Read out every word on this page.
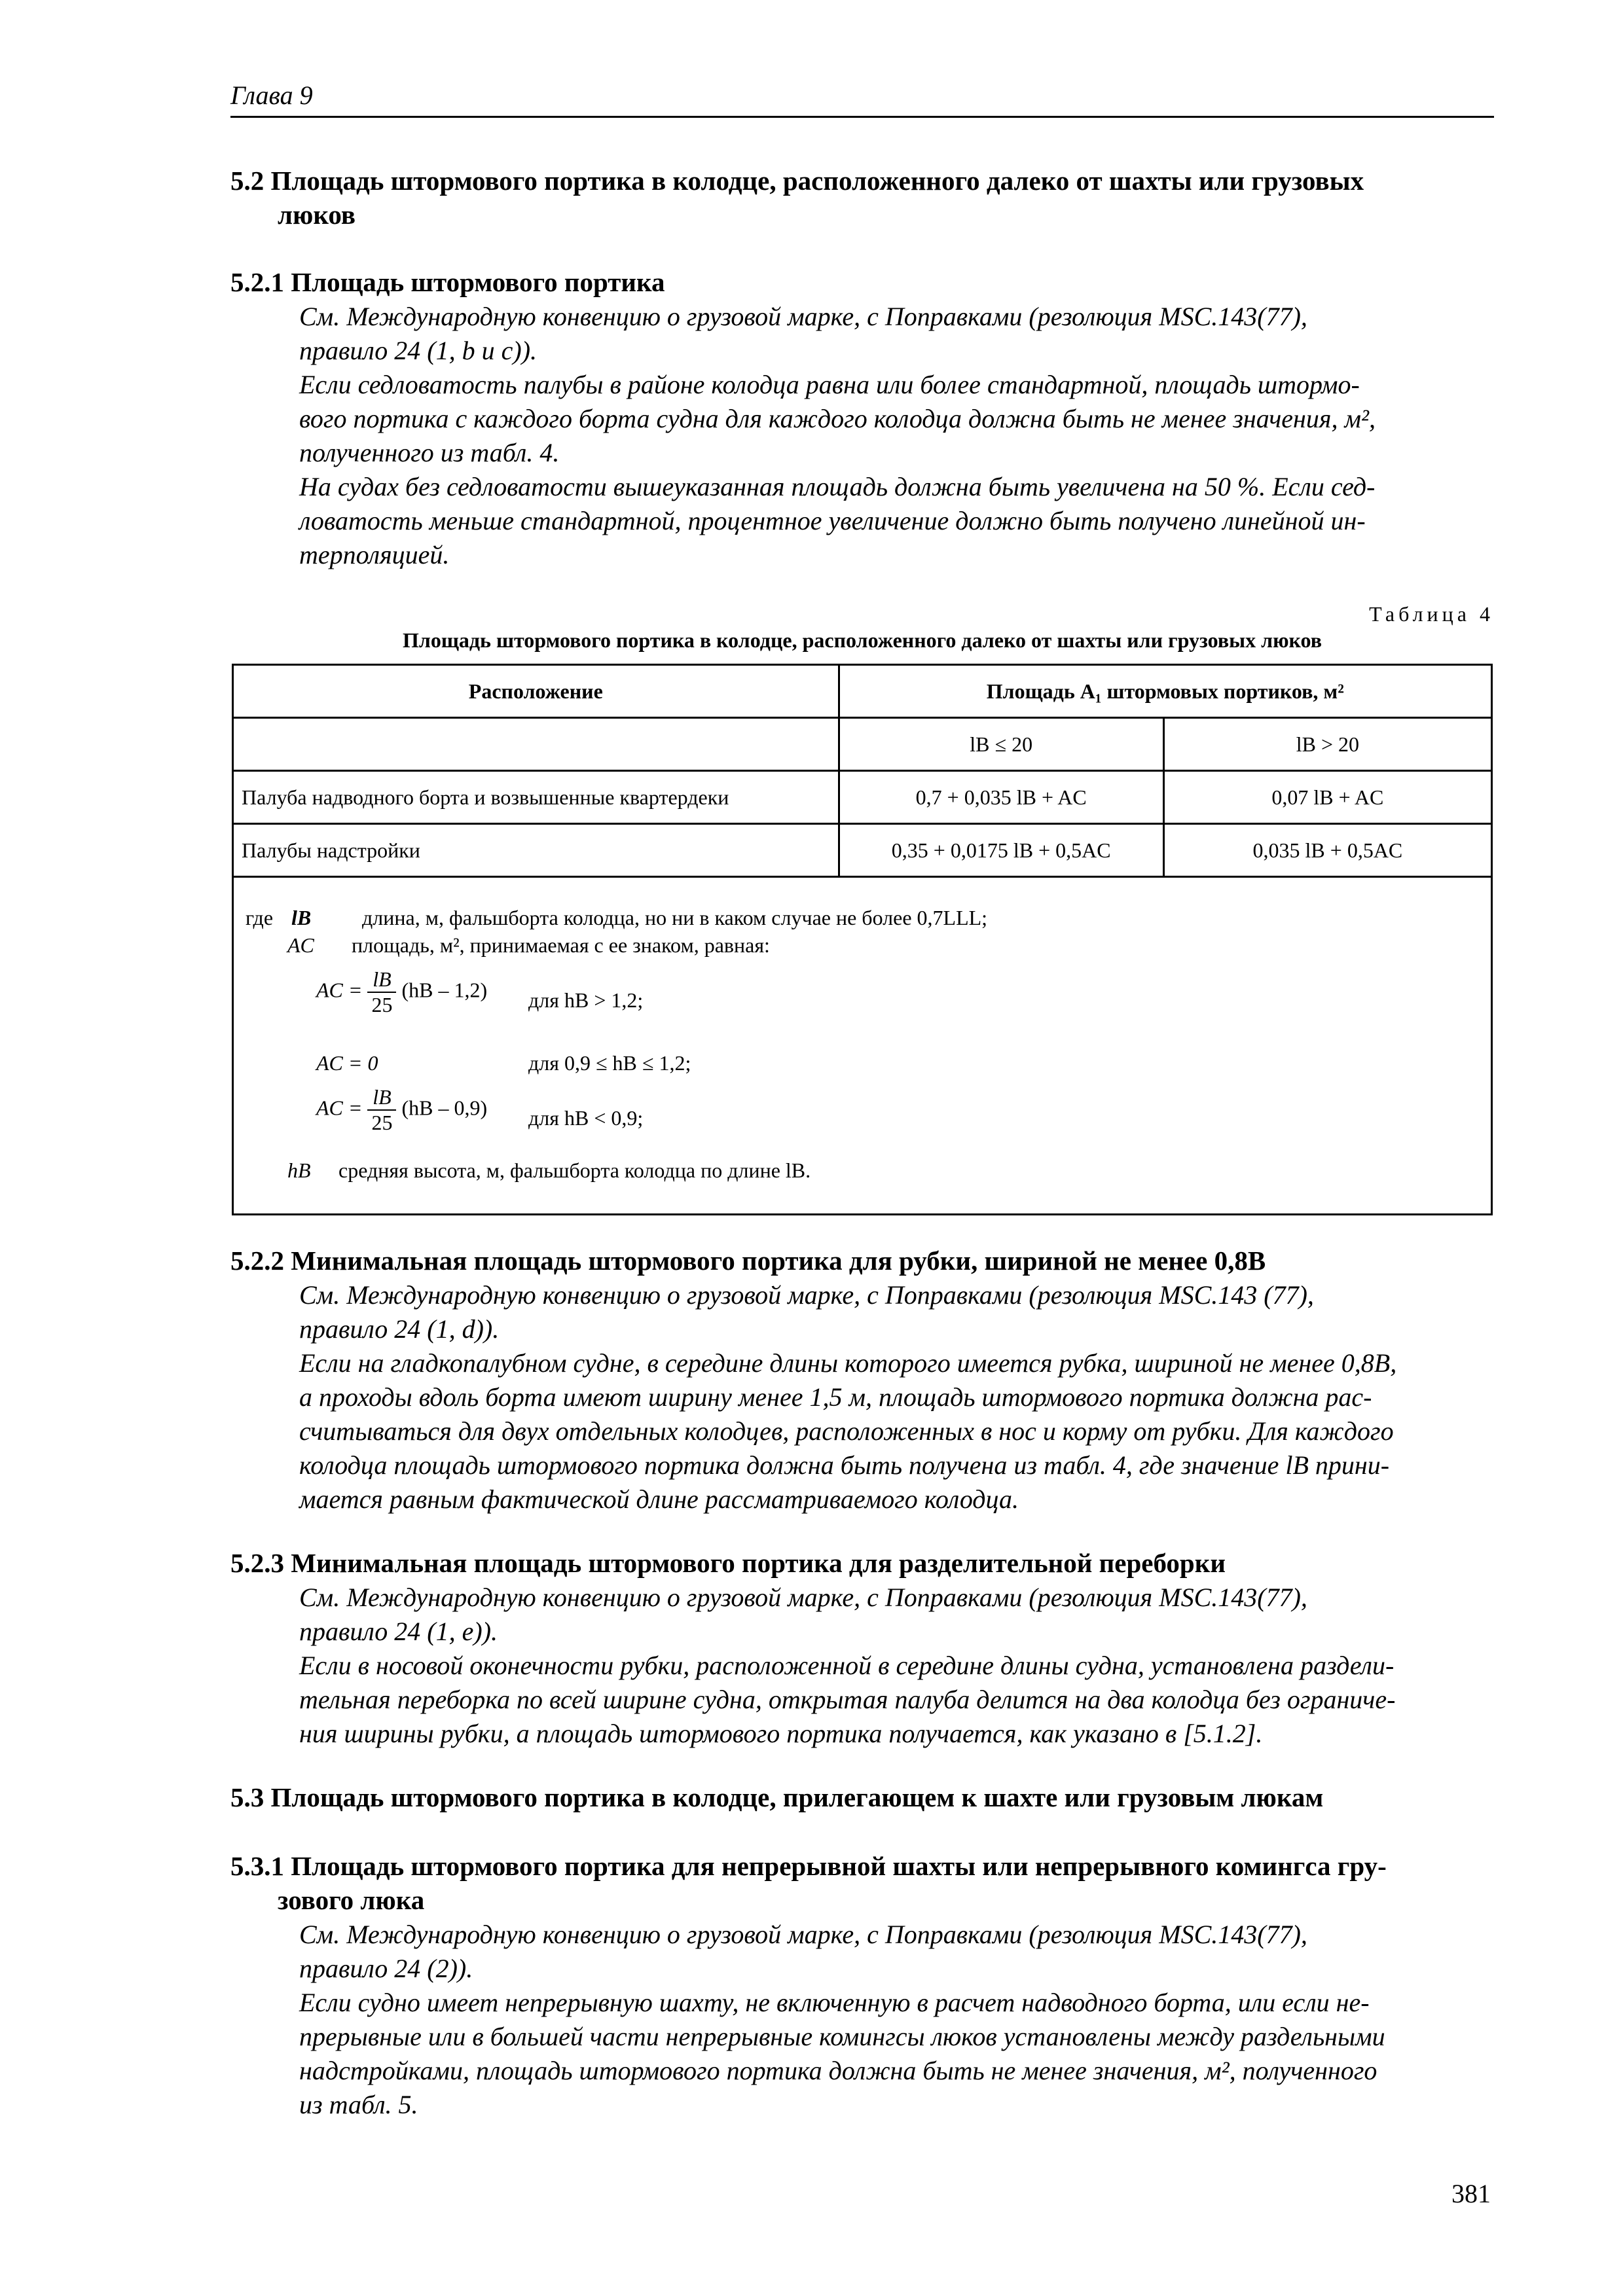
Глава 9
5.2 Площадь штормового портика в колодце, расположенного далеко от шахты или грузовых
люков
5.2.1 Площадь штормового портика
См. Международную конвенцию о грузовой марке, с Поправками (резолюция MSC.143(77),
правило 24 (1, b и c)).
Если седловатость палубы в районе колодца равна или более стандартной, площадь штормо-
вого портика с каждого борта судна для каждого колодца должна быть не менее значения, м²,
полученного из табл. 4.
На судах без седловатости вышеуказанная площадь должна быть увеличена на 50 %. Если сед-
ловатость меньше стандартной, процентное увеличение должно быть получено линейной ин-
терполяцией.
Таблица 4
Площадь штормового портика в колодце, расположенного далеко от шахты или грузовых люков
Расположение	Площадь A₁ штормовых портиков, м²	
	lB ≤ 20	lB > 20
Палуба надводного борта и возвышенные квартердеки	0,7 + 0,035 lB + AC	0,07 lB + AC
Палубы надстройки	0,35 + 0,0175 lB + 0,5AC	0,035 lB + 0,5AC
где lB длина, м, фальшборта колодца, но ни в каком случае не более 0,7LLL;
AC площадь, м², принимаемая с ее знаком, равная:
AC = $\frac{lB}{25} (hB - 1,2)$ для hB > 1,2;
AC = 0	для 0,9 ≤ hB ≤ 1,2;
AC = $\frac{lB}{25} (hB - 0,9)$ для hB < 0,9;
hB средняя высота, м, фальшборта колодца по длине lB.
5.2.2 Минимальная площадь штормового портика для рубки, шириной не менее 0,8B
См. Международную конвенцию о грузовой марке, с Поправками (резолюция MSC.143 (77),
правило 24 (1, d)).
Если на гладкопалубном судне, в середине длины которого имеется рубка, шириной не менее 0,8B,
а проходы вдоль борта имеют ширину менее 1,5 м, площадь штормового портика должна рас-
считываться для двух отдельных колодцев, расположенных в нос и корму от рубки. Для каждого
колодца площадь штормового портика должна быть получена из табл. 4, где значение lB прини-
мается равным фактической длине рассматриваемого колодца.
5.2.3 Минимальная площадь штормового портика для разделительной переборки
См. Международную конвенцию о грузовой марке, с Поправками (резолюция MSC.143(77),
правило 24 (1, e)).
Если в носовой оконечности рубки, расположенной в середине длины судна, установлена раздели-
тельная переборка по всей ширине судна, открытая палуба делится на два колодца без ограниче-
ния ширины рубки, а площадь штормового портика получается, как указано в [5.1.2].
5.3 Площадь штормового портика в колодце, прилегающем к шахте или грузовым люкам
5.3.1 Площадь штормового портика для непрерывной шахты или непрерывного комингса гру-
зового люка
См. Международную конвенцию о грузовой марке, с Поправками (резолюция MSC.143(77),
правило 24 (2)).
Если судно имеет непрерывную шахту, не включенную в расчет надводного борта, или если не-
прерывные или в большей части непрерывные комингсы люков установлены между раздельными
надстройками, площадь штормового портика должна быть не менее значения, м², полученного
из табл. 5.
381
